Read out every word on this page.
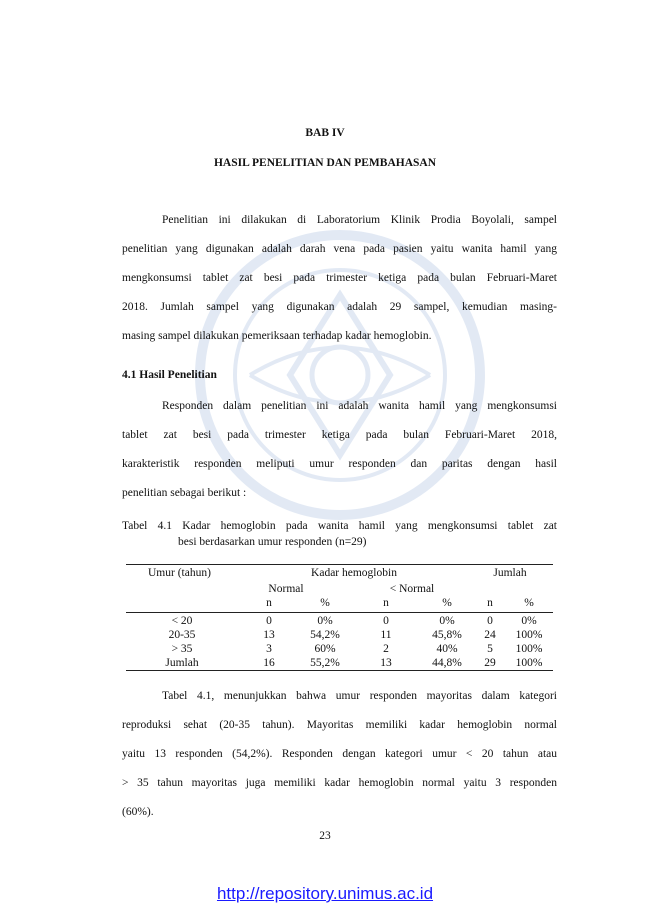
BAB IV
HASIL PENELITIAN DAN PEMBAHASAN
Penelitian ini dilakukan di Laboratorium Klinik Prodia Boyolali, sampel
penelitian yang digunakan adalah darah vena pada pasien yaitu wanita hamil yang
mengkonsumsi tablet zat besi pada trimester ketiga pada bulan Februari-Maret
2018. Jumlah sampel yang digunakan adalah 29 sampel, kemudian masing-
masing sampel dilakukan pemeriksaan terhadap kadar hemoglobin.
4.1 Hasil Penelitian
Responden dalam penelitian ini adalah wanita hamil yang mengkonsumsi
tablet zat besi pada trimester ketiga pada bulan Februari-Maret 2018,
karakteristik responden meliputi umur responden dan paritas dengan hasil
penelitian sebagai berikut :
Tabel 4.1 Kadar hemoglobin pada wanita hamil yang mengkonsumsi tablet zat
besi berdasarkan umur responden (n=29)
Umur (tahun)	Kadar hemoglobin	Jumlah
Normal	< Normal
n	%	n	%	n	%
< 20	0	0%	0	0%	0 0%
20-35	13	54,2%	11	45,8% 24 100%
> 35	3	60%	2	40%	5 100%
Jumlah	16	55,2%	13	44,8% 29 100%
Tabel 4.1, menunjukkan bahwa umur responden mayoritas dalam kategori
reproduksi sehat (20-35 tahun). Mayoritas memiliki kadar hemoglobin normal
yaitu 13 responden (54,2%). Responden dengan kategori umur < 20 tahun atau
> 35 tahun mayoritas juga memiliki kadar hemoglobin normal yaitu 3 responden
(60%).
23
http://repository.unimus.ac.id
